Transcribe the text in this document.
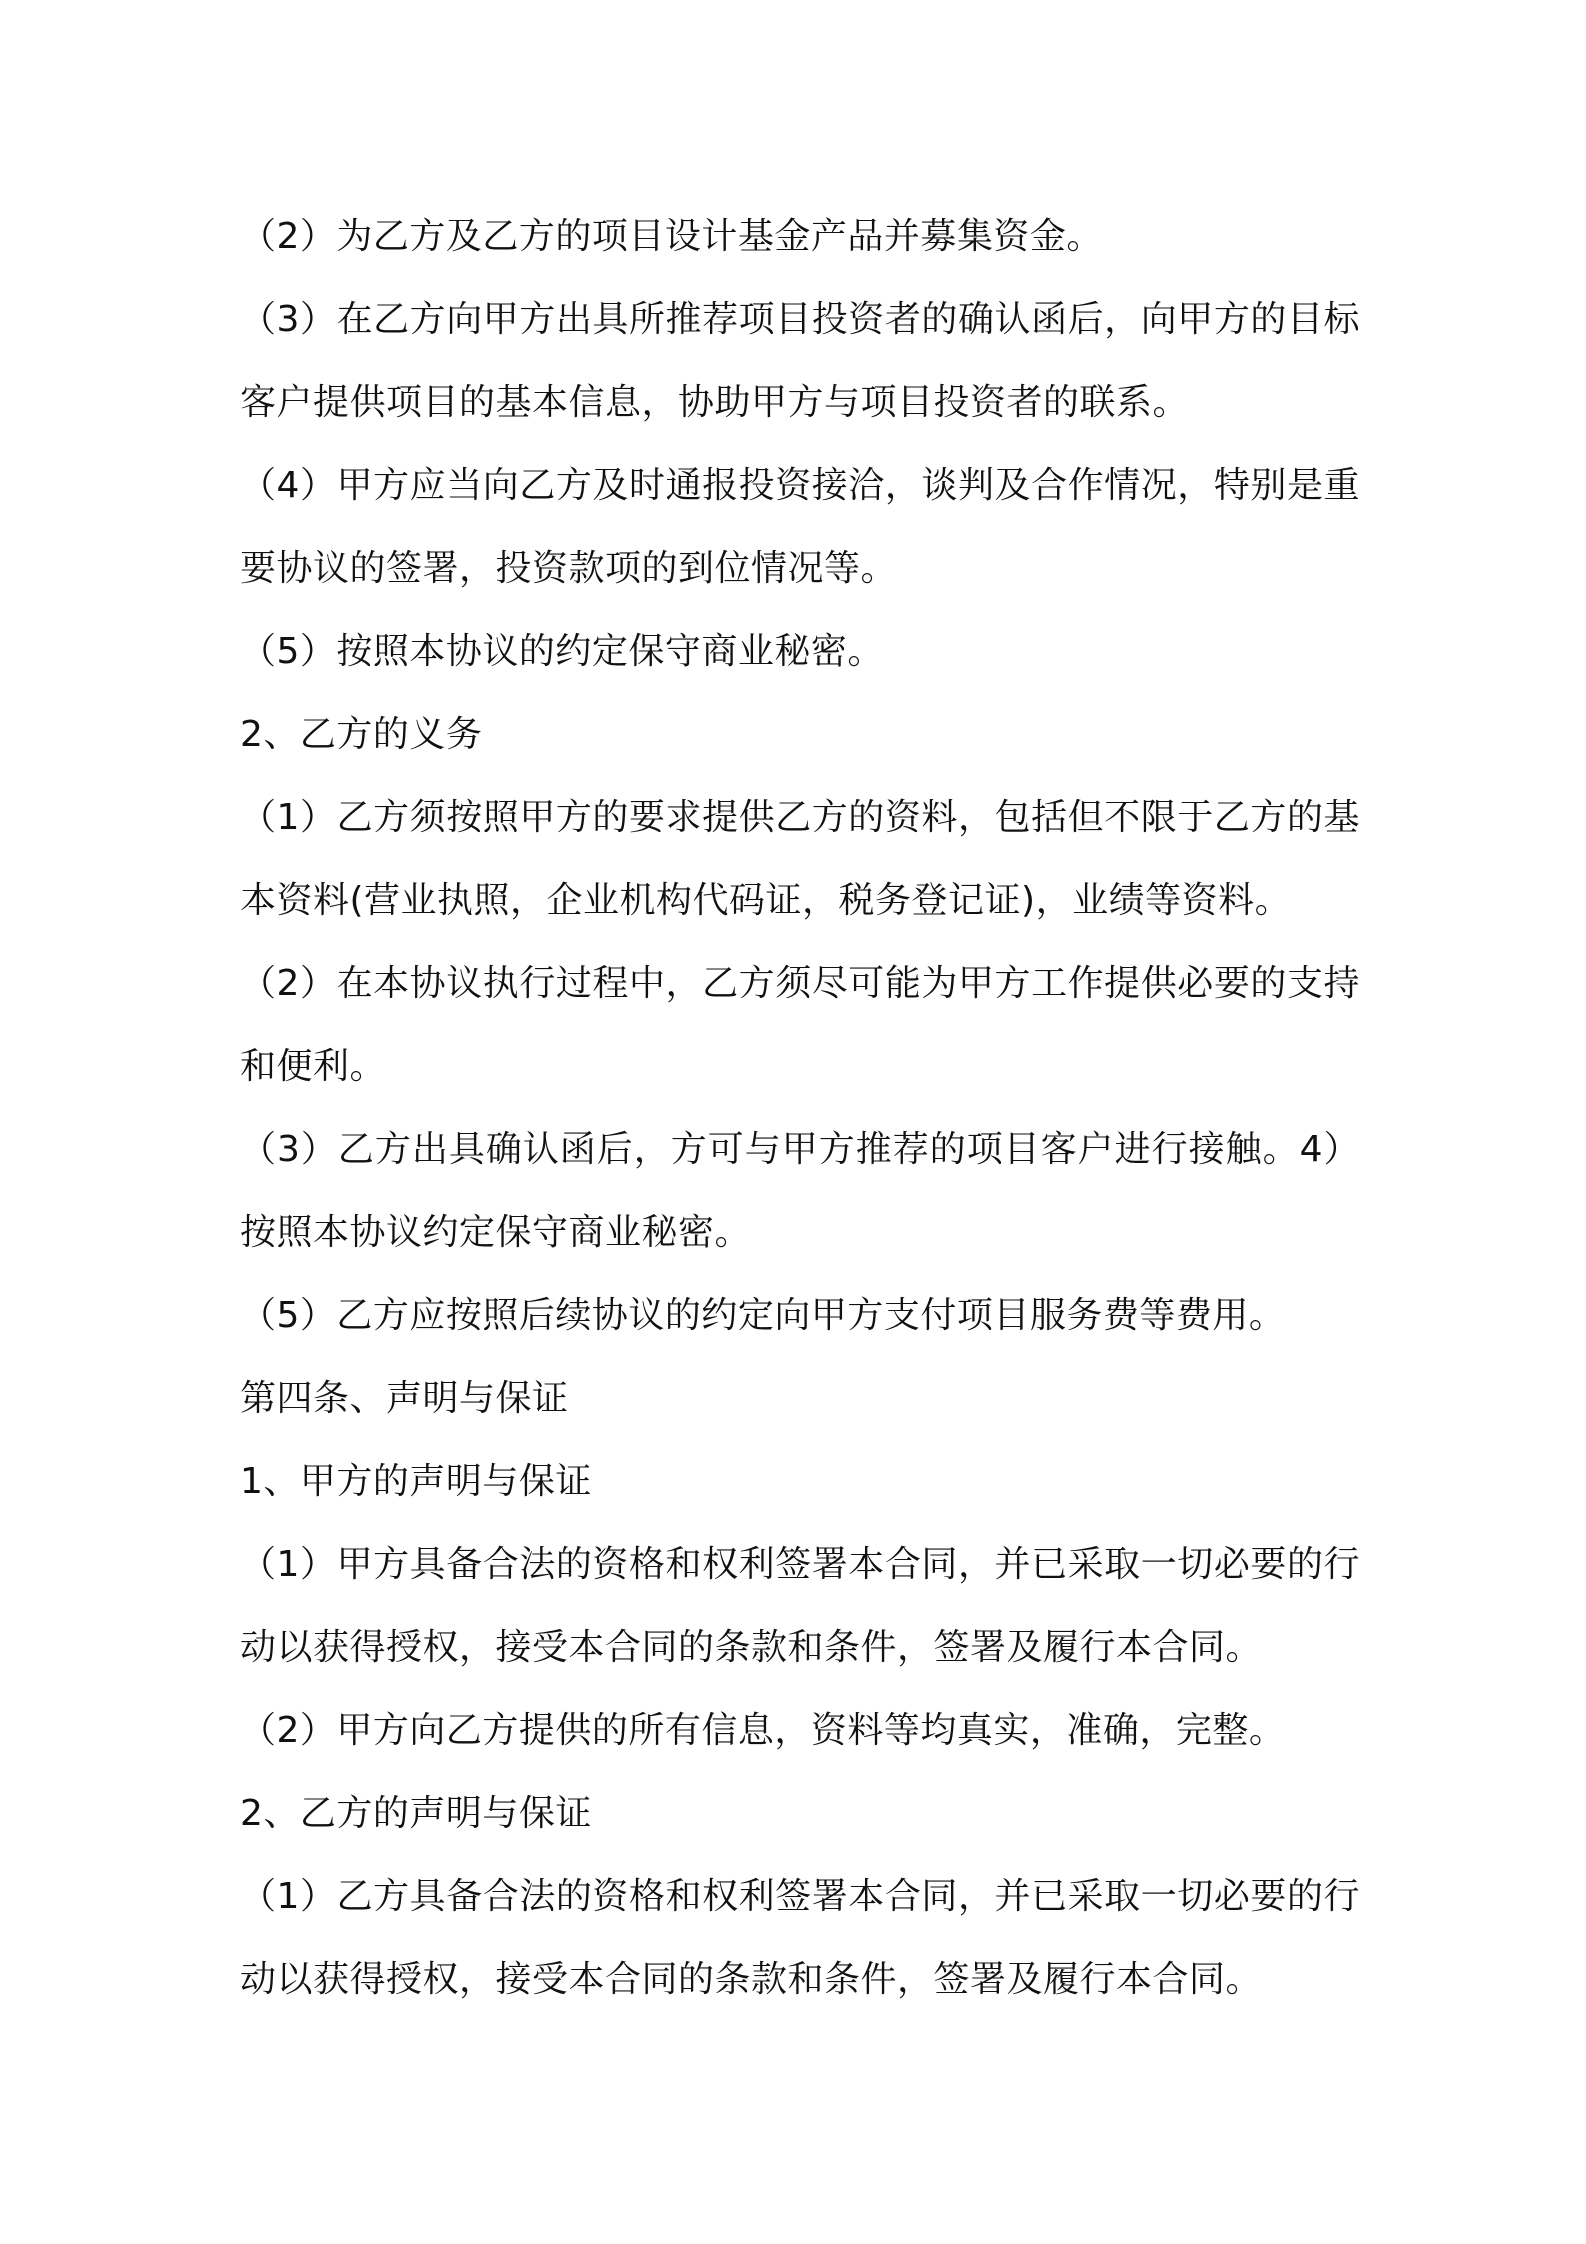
（2）为乙方及乙方的项目设计基金产品并募集资金。

（3）在乙方向甲方出具所推荐项目投资者的确认函后，向甲方的目标客户提供项目的基本信息，协助甲方与项目投资者的联系。

（4）甲方应当向乙方及时通报投资接洽，谈判及合作情况，特别是重要协议的签署，投资款项的到位情况等。

（5）按照本协议的约定保守商业秘密。

2、乙方的义务

（1）乙方须按照甲方的要求提供乙方的资料，包括但不限于乙方的基本资料(营业执照，企业机构代码证，税务登记证)，业绩等资料。

（2）在本协议执行过程中，乙方须尽可能为甲方工作提供必要的支持和便利。

（3）乙方出具确认函后，方可与甲方推荐的项目客户进行接触。4）按照本协议约定保守商业秘密。

（5）乙方应按照后续协议的约定向甲方支付项目服务费等费用。

第四条、声明与保证

1、甲方的声明与保证

（1）甲方具备合法的资格和权利签署本合同，并已采取一切必要的行动以获得授权，接受本合同的条款和条件，签署及履行本合同。

（2）甲方向乙方提供的所有信息，资料等均真实，准确，完整。

2、乙方的声明与保证

（1）乙方具备合法的资格和权利签署本合同，并已采取一切必要的行动以获得授权，接受本合同的条款和条件，签署及履行本合同。
